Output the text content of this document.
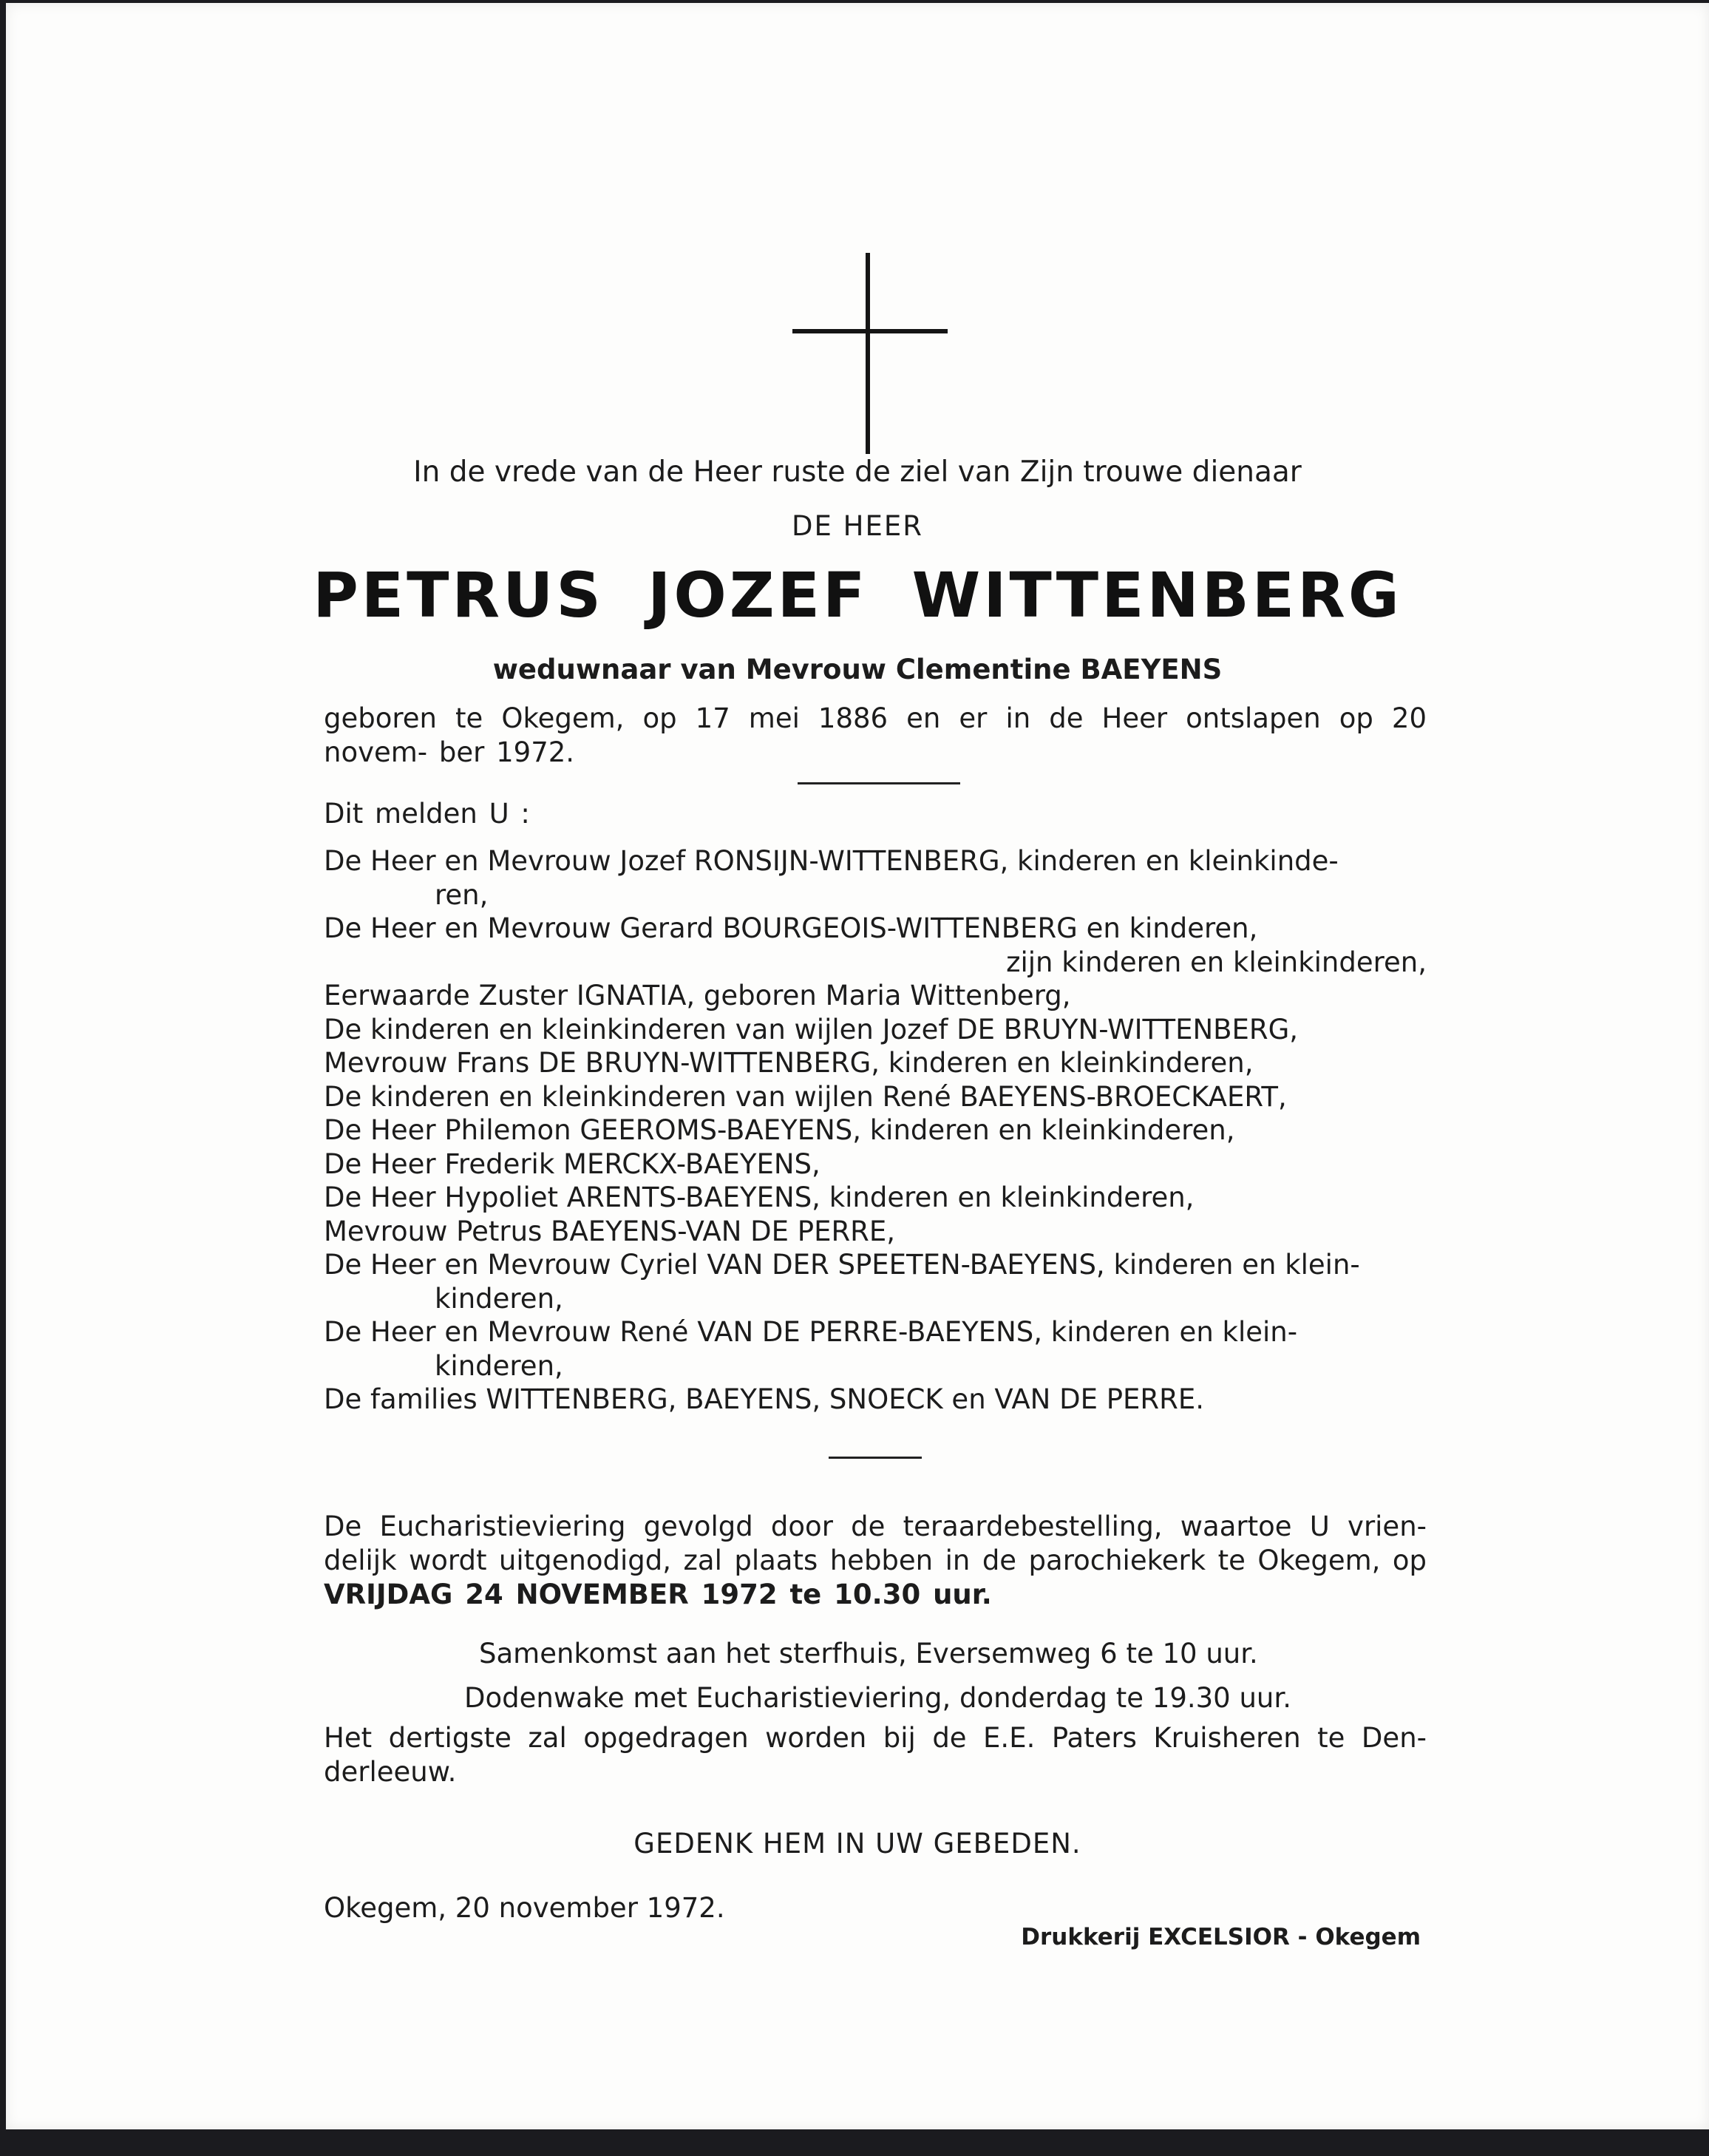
In de vrede van de Heer ruste de ziel van Zijn trouwe dienaar
DE HEER
PETRUS JOZEF WITTENBERG
weduwnaar van Mevrouw Clementine BAEYENS
geboren te Okegem, op 17 mei 1886 en er in de Heer ontslapen op 20 novem- ber 1972.
Dit melden U :
De Heer en Mevrouw Jozef RONSIJN-WITTENBERG, kinderen en kleinkinde-
ren,
De Heer en Mevrouw Gerard BOURGEOIS-WITTENBERG en kinderen,
zijn kinderen en kleinkinderen,
Eerwaarde Zuster IGNATIA, geboren Maria Wittenberg,
De kinderen en kleinkinderen van wijlen Jozef DE BRUYN-WITTENBERG,
Mevrouw Frans DE BRUYN-WITTENBERG, kinderen en kleinkinderen,
De kinderen en kleinkinderen van wijlen René BAEYENS-BROECKAERT,
De Heer Philemon GEEROMS-BAEYENS, kinderen en kleinkinderen,
De Heer Frederik MERCKX-BAEYENS,
De Heer Hypoliet ARENTS-BAEYENS, kinderen en kleinkinderen,
Mevrouw Petrus BAEYENS-VAN DE PERRE,
De Heer en Mevrouw Cyriel VAN DER SPEETEN-BAEYENS, kinderen en klein-
kinderen,
De Heer en Mevrouw René VAN DE PERRE-BAEYENS, kinderen en klein-
kinderen,
De families WITTENBERG, BAEYENS, SNOECK en VAN DE PERRE.
De Eucharistieviering gevolgd door de teraardebestelling, waartoe U vrien- delijk wordt uitgenodigd, zal plaats hebben in de parochiekerk te Okegem, op VRIJDAG 24 NOVEMBER 1972 te 10.30 uur.
Samenkomst aan het sterfhuis, Eversemweg 6 te 10 uur.
Dodenwake met Eucharistieviering, donderdag te 19.30 uur.
Het dertigste zal opgedragen worden bij de E.E. Paters Kruisheren te Den- derleeuw.
GEDENK HEM IN UW GEBEDEN.
Okegem, 20 november 1972.
Drukkerij EXCELSIOR - Okegem
